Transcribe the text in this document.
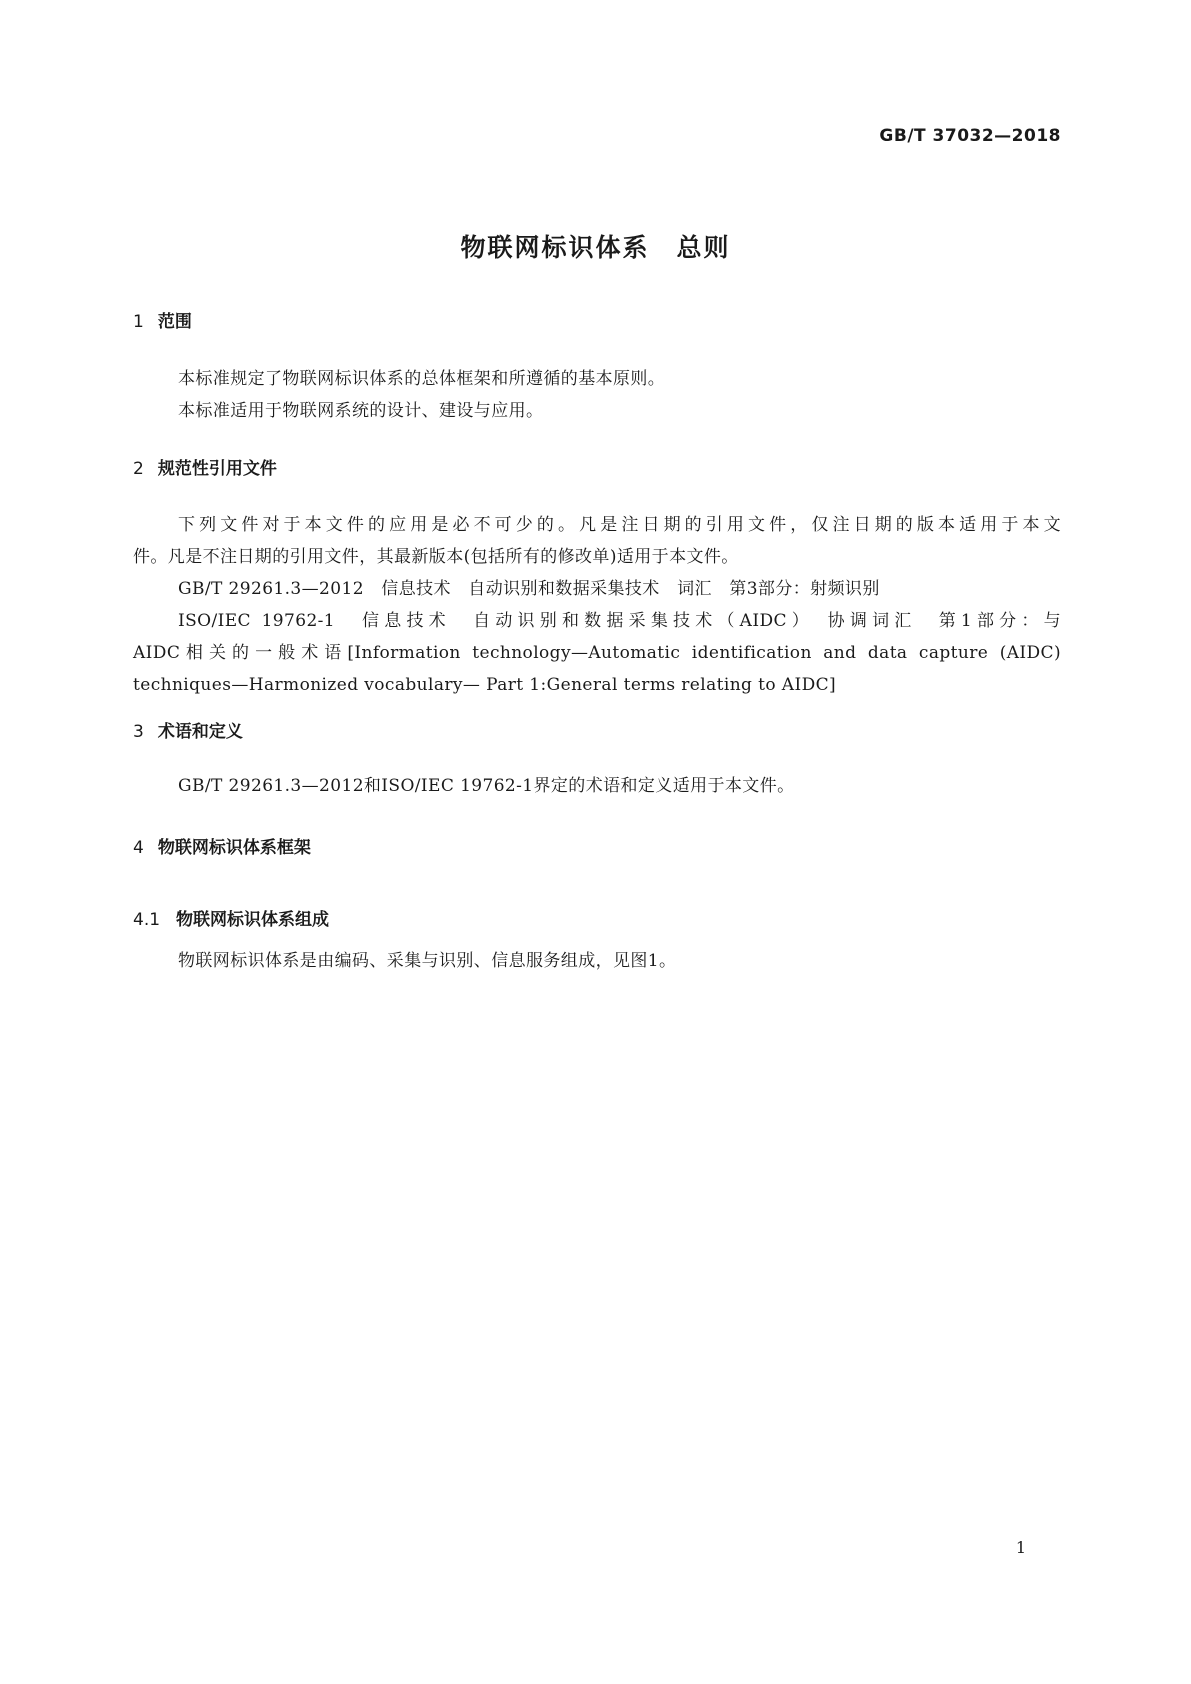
GB/T 37032—2018
物联网标识体系　总则
1 范围
本标准规定了物联网标识体系的总体框架和所遵循的基本原则。
本标准适用于物联网系统的设计、建设与应用。
2 规范性引用文件
下列文件对于本文件的应用是必不可少的。凡是注日期的引用文件，仅注日期的版本适用于本文
件。凡是不注日期的引用文件，其最新版本(包括所有的修改单)适用于本文件。
GB/T 29261.3—2012　信息技术　自动识别和数据采集技术　词汇　第3部分：射频识别
ISO/IEC 19762-1　信息技术　自动识别和数据采集技术（AIDC）　协调词汇　第1部分：与
AIDC相关的一般术语[Information technology—Automatic identification and data capture (AIDC)
techniques—Harmonized vocabulary— Part 1:General terms relating to AIDC]
3 术语和定义
GB/T 29261.3—2012和ISO/IEC 19762-1界定的术语和定义适用于本文件。
4 物联网标识体系框架
4.1 物联网标识体系组成
物联网标识体系是由编码、采集与识别、信息服务组成，见图1。
1
